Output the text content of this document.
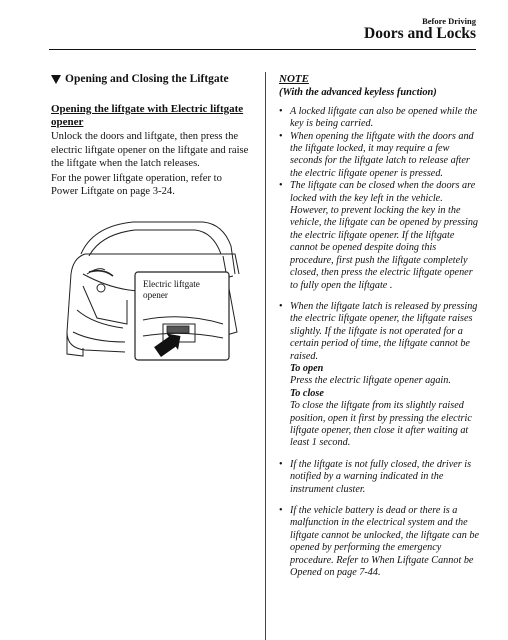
Before Driving
Doors and Locks
Opening and Closing the Liftgate
Opening the liftgate with Electric liftgate opener
Unlock the doors and liftgate, then press the electric liftgate opener on the liftgate and raise the liftgate when the latch releases.
For the power liftgate operation, refer to Power Liftgate on page 3-24.
Electric liftgate
opener
NOTE
(With the advanced keyless function)
• A locked liftgate can also be opened while the key is being carried.
• When opening the liftgate with the doors and the liftgate locked, it may require a few seconds for the liftgate latch to release after the electric liftgate opener is pressed.
• The liftgate can be closed when the doors are locked with the key left in the vehicle. However, to prevent locking the key in the vehicle, the liftgate can be opened by pressing the electric liftgate opener. If the liftgate cannot be opened despite doing this procedure, first push the liftgate completely closed, then press the electric liftgate opener to fully open the liftgate .
• When the liftgate latch is released by pressing the electric liftgate opener, the liftgate raises slightly. If the liftgate is not operated for a certain period of time, the liftgate cannot be raised.
To open
Press the electric liftgate opener again.
To close
To close the liftgate from its slightly raised position, open it first by pressing the electric liftgate opener, then close it after waiting at least 1 second.
• If the liftgate is not fully closed, the driver is notified by a warning indicated in the instrument cluster.
• If the vehicle battery is dead or there is a malfunction in the electrical system and the liftgate cannot be unlocked, the liftgate can be opened by performing the emergency procedure. Refer to When Liftgate Cannot be Opened on page 7-44.
